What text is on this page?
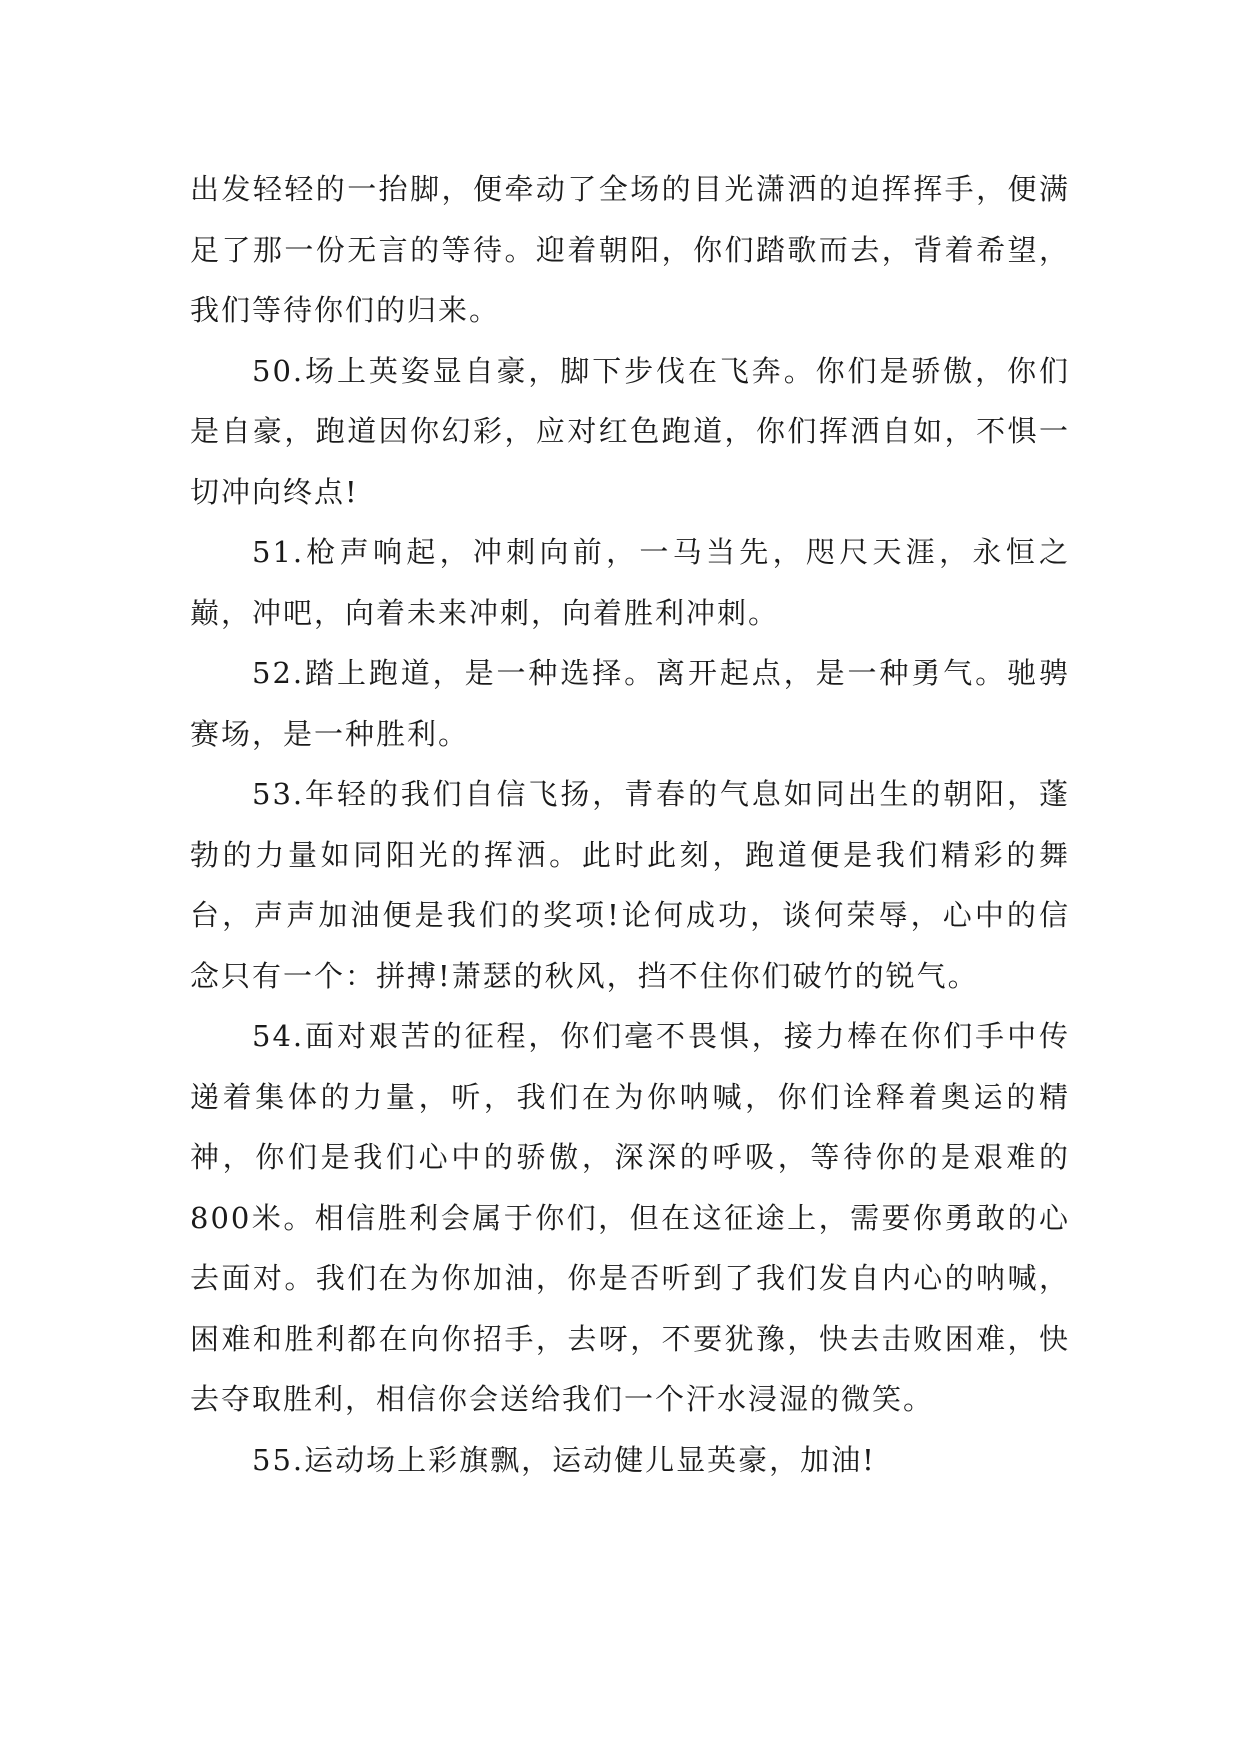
出发轻轻的一抬脚，便牵动了全场的目光潇洒的迫挥挥手，便满足了那一份无言的等待。迎着朝阳，你们踏歌而去，背着希望，我们等待你们的归来。

50.场上英姿显自豪，脚下步伐在飞奔。你们是骄傲，你们是自豪，跑道因你幻彩，应对红色跑道，你们挥洒自如，不惧一切冲向终点!

51.枪声响起，冲刺向前，一马当先，咫尺天涯，永恒之巅，冲吧，向着未来冲刺，向着胜利冲刺。

52.踏上跑道，是一种选择。离开起点，是一种勇气。驰骋赛场，是一种胜利。

53.年轻的我们自信飞扬，青春的气息如同出生的朝阳，蓬勃的力量如同阳光的挥洒。此时此刻，跑道便是我们精彩的舞台，声声加油便是我们的奖项!论何成功，谈何荣辱，心中的信念只有一个：拼搏!萧瑟的秋风，挡不住你们破竹的锐气。

54.面对艰苦的征程，你们毫不畏惧，接力棒在你们手中传递着集体的力量，听，我们在为你呐喊，你们诠释着奥运的精神，你们是我们心中的骄傲，深深的呼吸，等待你的是艰难的800米。相信胜利会属于你们，但在这征途上，需要你勇敢的心去面对。我们在为你加油，你是否听到了我们发自内心的呐喊，困难和胜利都在向你招手，去呀，不要犹豫，快去击败困难，快去夺取胜利，相信你会送给我们一个汗水浸湿的微笑。

55.运动场上彩旗飘，运动健儿显英豪，加油!
